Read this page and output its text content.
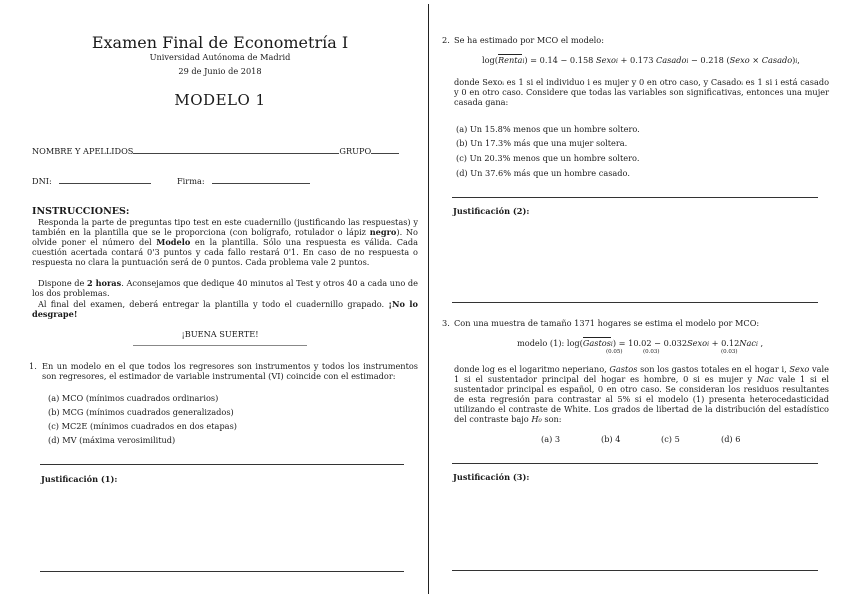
Examen Final de Econometría I
Universidad Autónoma de Madrid
29 de Junio de 2018
MODELO 1
NOMBRE Y APELLIDOS	GRUPO
DNI:	Firma:
INSTRUCCIONES:
Responda la parte de preguntas tipo test en este cuadernillo (justificando las respuestas) y también en la plantilla que se le proporciona (con bolígrafo, rotulador o lápiz negro). No olvide poner el número del Modelo en la plantilla. Sólo una respuesta es válida. Cada cuestión acertada contará 0'3 puntos y cada fallo restará 0'1. En caso de no respuesta o respuesta no clara la puntuación será de 0 puntos. Cada problema vale 2 puntos.
Dispone de 2 horas. Aconsejamos que dedique 40 minutos al Test y otros 40 a cada uno de los dos problemas.
Al final del examen, deberá entregar la plantilla y todo el cuadernillo grapado. ¡No lo desgrape!
¡BUENA SUERTE!
1. En un modelo en el que todos los regresores son instrumentos y todos los instrumentos son regresores, el estimador de variable instrumental (VI) coincide con el estimador:
(a) MCO (mínimos cuadrados ordinarios)
(b) MCG (mínimos cuadrados generalizados)
(c) MC2E (mínimos cuadrados en dos etapas)
(d) MV (máxima verosimilitud)
Justificación (1):
2. Se ha estimado por MCO el modelo:
log(Rentai) = 0.14 − 0.158 Sexoi + 0.173 Casadoi − 0.218 (Sexo × Casado)i,
donde Sexoᵢ es 1 si el individuo i es mujer y 0 en otro caso, y Casadoᵢ es 1 si i está casado y 0 en otro caso. Considere que todas las variables son significativas, entonces una mujer casada gana:
(a) Un 15.8% menos que un hombre soltero.
(b) Un 17.3% más que una mujer soltera.
(c) Un 20.3% menos que un hombre soltero.
(d) Un 37.6% más que un hombre casado.
Justificación (2):
3. Con una muestra de tamaño 1371 hogares se estima el modelo por MCO:
modelo (1): log(Gastosi) = 10.02 − 0.032Sexoi + 0.12Naci ,
(0.05)	(0.03)	(0.03)
donde log es el logaritmo neperiano, Gastos son los gastos totales en el hogar i, Sexo vale 1 si el sustentador principal del hogar es hombre, 0 si es mujer y Nac vale 1 si el sustentador principal es español, 0 en otro caso. Se consideran los residuos resultantes de esta regresión para contrastar al 5% si el modelo (1) presenta heterocedasticidad utilizando el contraste de White. Los grados de libertad de la distribución del estadístico del contraste bajo H₀ son:
(a) 3	(b) 4	(c) 5	(d) 6
Justificación (3):
